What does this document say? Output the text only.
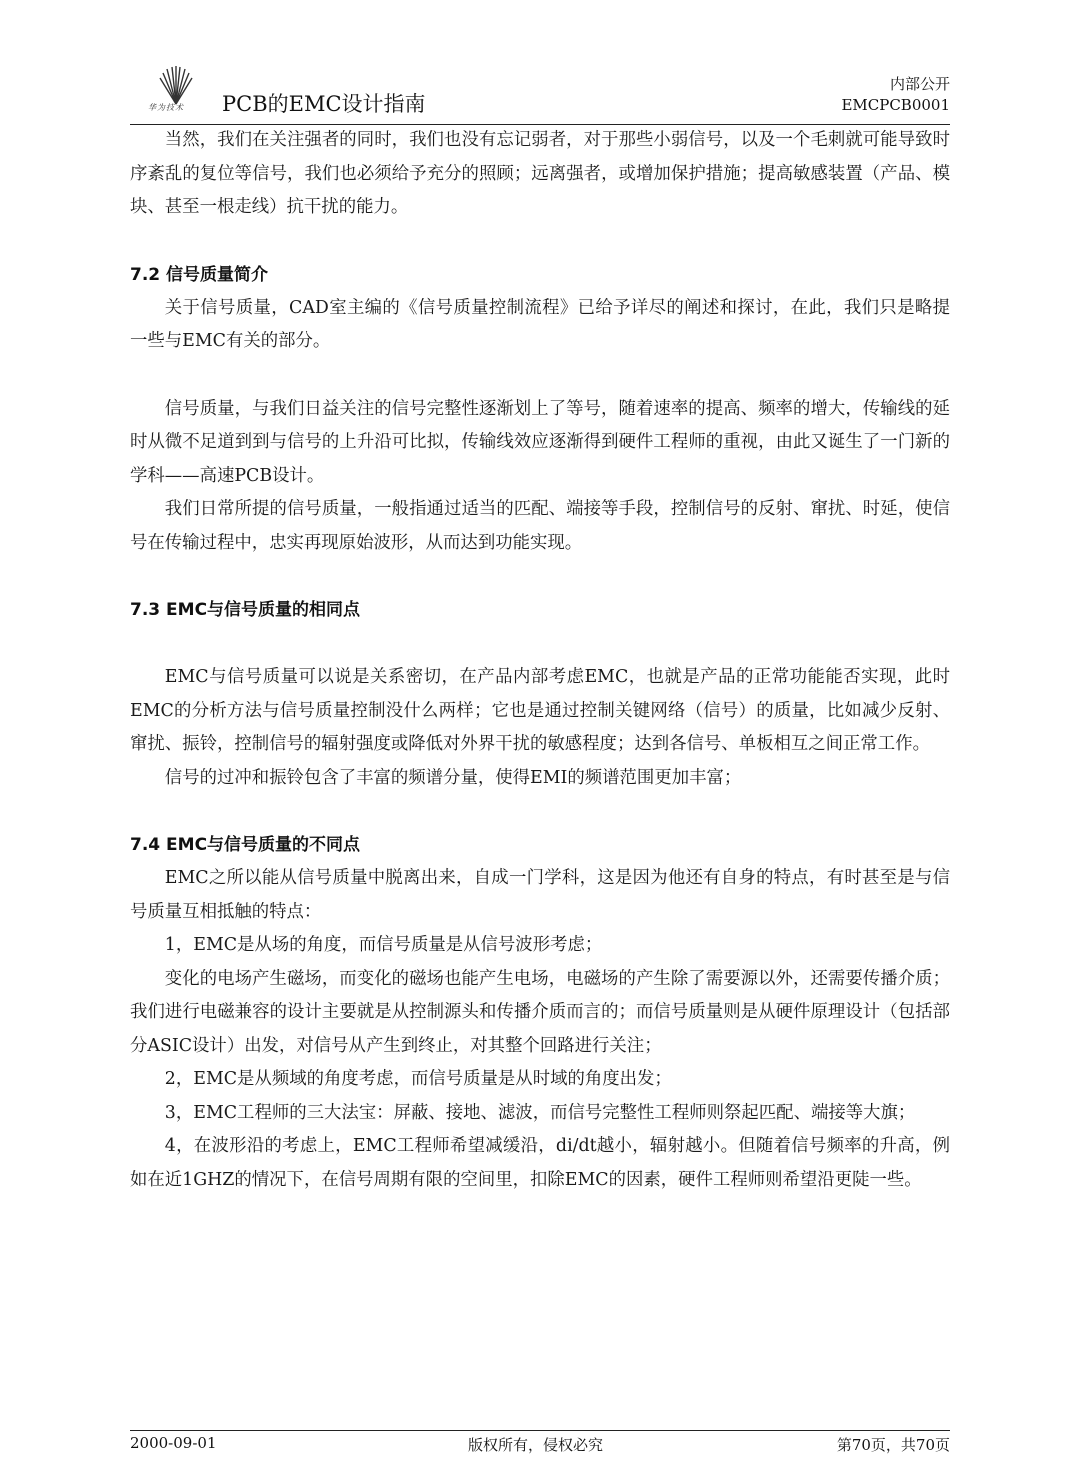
华为技术	PCB的EMC设计指南
内部公开
EMCPCB0001

当然，我们在关注强者的同时，我们也没有忘记弱者，对于那些小弱信号，以及一个毛刺就可能导致时序紊乱的复位等信号，我们也必须给予充分的照顾；远离强者，或增加保护措施；提高敏感装置（产品、模块、甚至一根走线）抗干扰的能力。

7.2 信号质量简介

关于信号质量，CAD室主编的《信号质量控制流程》已给予详尽的阐述和探讨，在此，我们只是略提一些与EMC有关的部分。

信号质量，与我们日益关注的信号完整性逐渐划上了等号，随着速率的提高、频率的增大，传输线的延时从微不足道到到与信号的上升沿可比拟，传输线效应逐渐得到硬件工程师的重视，由此又诞生了一门新的学科——高速PCB设计。

我们日常所提的信号质量，一般指通过适当的匹配、端接等手段，控制信号的反射、窜扰、时延，使信号在传输过程中，忠实再现原始波形，从而达到功能实现。

7.3 EMC与信号质量的相同点

EMC与信号质量可以说是关系密切，在产品内部考虑EMC，也就是产品的正常功能能否实现，此时EMC的分析方法与信号质量控制没什么两样；它也是通过控制关键网络（信号）的质量，比如减少反射、窜扰、振铃，控制信号的辐射强度或降低对外界干扰的敏感程度；达到各信号、单板相互之间正常工作。

信号的过冲和振铃包含了丰富的频谱分量，使得EMI的频谱范围更加丰富；

7.4 EMC与信号质量的不同点

EMC之所以能从信号质量中脱离出来，自成一门学科，这是因为他还有自身的特点，有时甚至是与信号质量互相抵触的特点：

1，EMC是从场的角度，而信号质量是从信号波形考虑；

变化的电场产生磁场，而变化的磁场也能产生电场，电磁场的产生除了需要源以外，还需要传播介质；我们进行电磁兼容的设计主要就是从控制源头和传播介质而言的；而信号质量则是从硬件原理设计（包括部分ASIC设计）出发，对信号从产生到终止，对其整个回路进行关注；

2，EMC是从频域的角度考虑，而信号质量是从时域的角度出发；

3，EMC工程师的三大法宝：屏蔽、接地、滤波，而信号完整性工程师则祭起匹配、端接等大旗；

4，在波形沿的考虑上，EMC工程师希望减缓沿，di/dt越小，辐射越小。但随着信号频率的升高，例如在近1GHZ的情况下，在信号周期有限的空间里，扣除EMC的因素，硬件工程师则希望沿更陡一些。

2000-09-01	版权所有，侵权必究	第70页，共70页
